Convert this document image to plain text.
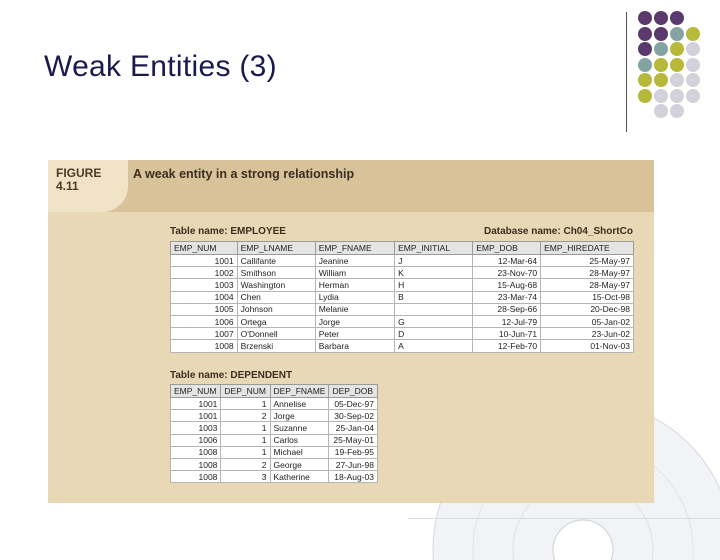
Weak Entities (3)
FIGURE
4.11
A weak entity in a strong relationship
Table name: EMPLOYEE	Database name: Ch04_ShortCo
EMP_NUM	EMP_LNAME	EMP_FNAME	EMP_INITIAL	EMP_DOB	EMP_HIREDATE
1001	Callifante	Jeanine	J	12-Mar-64	25-May-97
1002	Smithson	William	K	23-Nov-70	28-May-97
1003	Washington	Herman	H	15-Aug-68	28-May-97
1004	Chen	Lydia	B	23-Mar-74	15-Oct-98
1005	Johnson	Melanie		28-Sep-66	20-Dec-98
1006	Ortega	Jorge	G	12-Jul-79	05-Jan-02
1007	O'Donnell	Peter	D	10-Jun-71	23-Jun-02
1008	Brzenski	Barbara	A	12-Feb-70	01-Nov-03
Table name: DEPENDENT
EMP_NUM	DEP_NUM	DEP_FNAME	DEP_DOB
1001	1	Annelise	05-Dec-97
1001	2	Jorge	30-Sep-02
1003	1	Suzanne	25-Jan-04
1006	1	Carlos	25-May-01
1008	1	Michael	19-Feb-95
1008	2	George	27-Jun-98
1008	3	Katherine	18-Aug-03
